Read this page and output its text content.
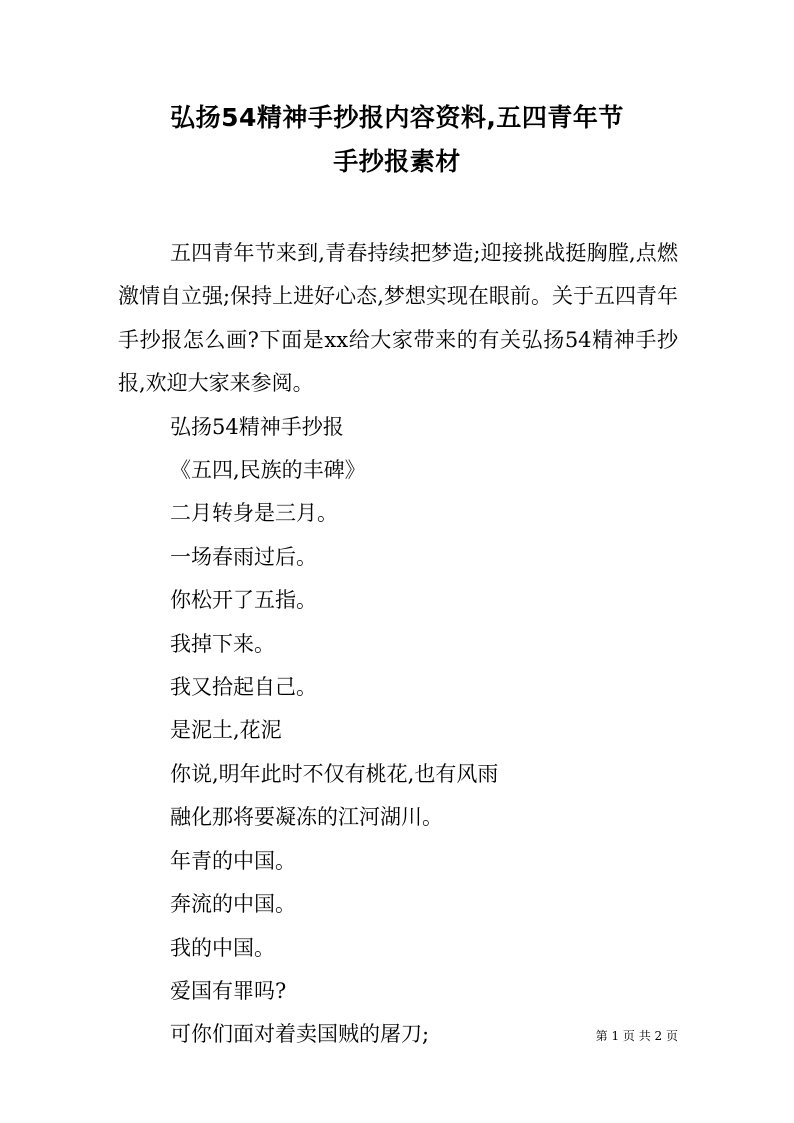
弘扬54精神手抄报内容资料,五四青年节
手抄报素材

五四青年节来到,青春持续把梦造;迎接挑战挺胸膛,点燃激情自立强;保持上进好心态,梦想实现在眼前。关于五四青年手抄报怎么画?下面是xx给大家带来的有关弘扬54精神手抄报,欢迎大家来参阅。

弘扬54精神手抄报

《五四,民族的丰碑》

二月转身是三月。

一场春雨过后。

你松开了五指。

我掉下来。

我又拾起自己。

是泥土,花泥

你说,明年此时不仅有桃花,也有风雨

融化那将要凝冻的江河湖川。

年青的中国。

奔流的中国。

我的中国。

爱国有罪吗?

可你们面对着卖国贼的屠刀;	第 1 页 共 2 页
